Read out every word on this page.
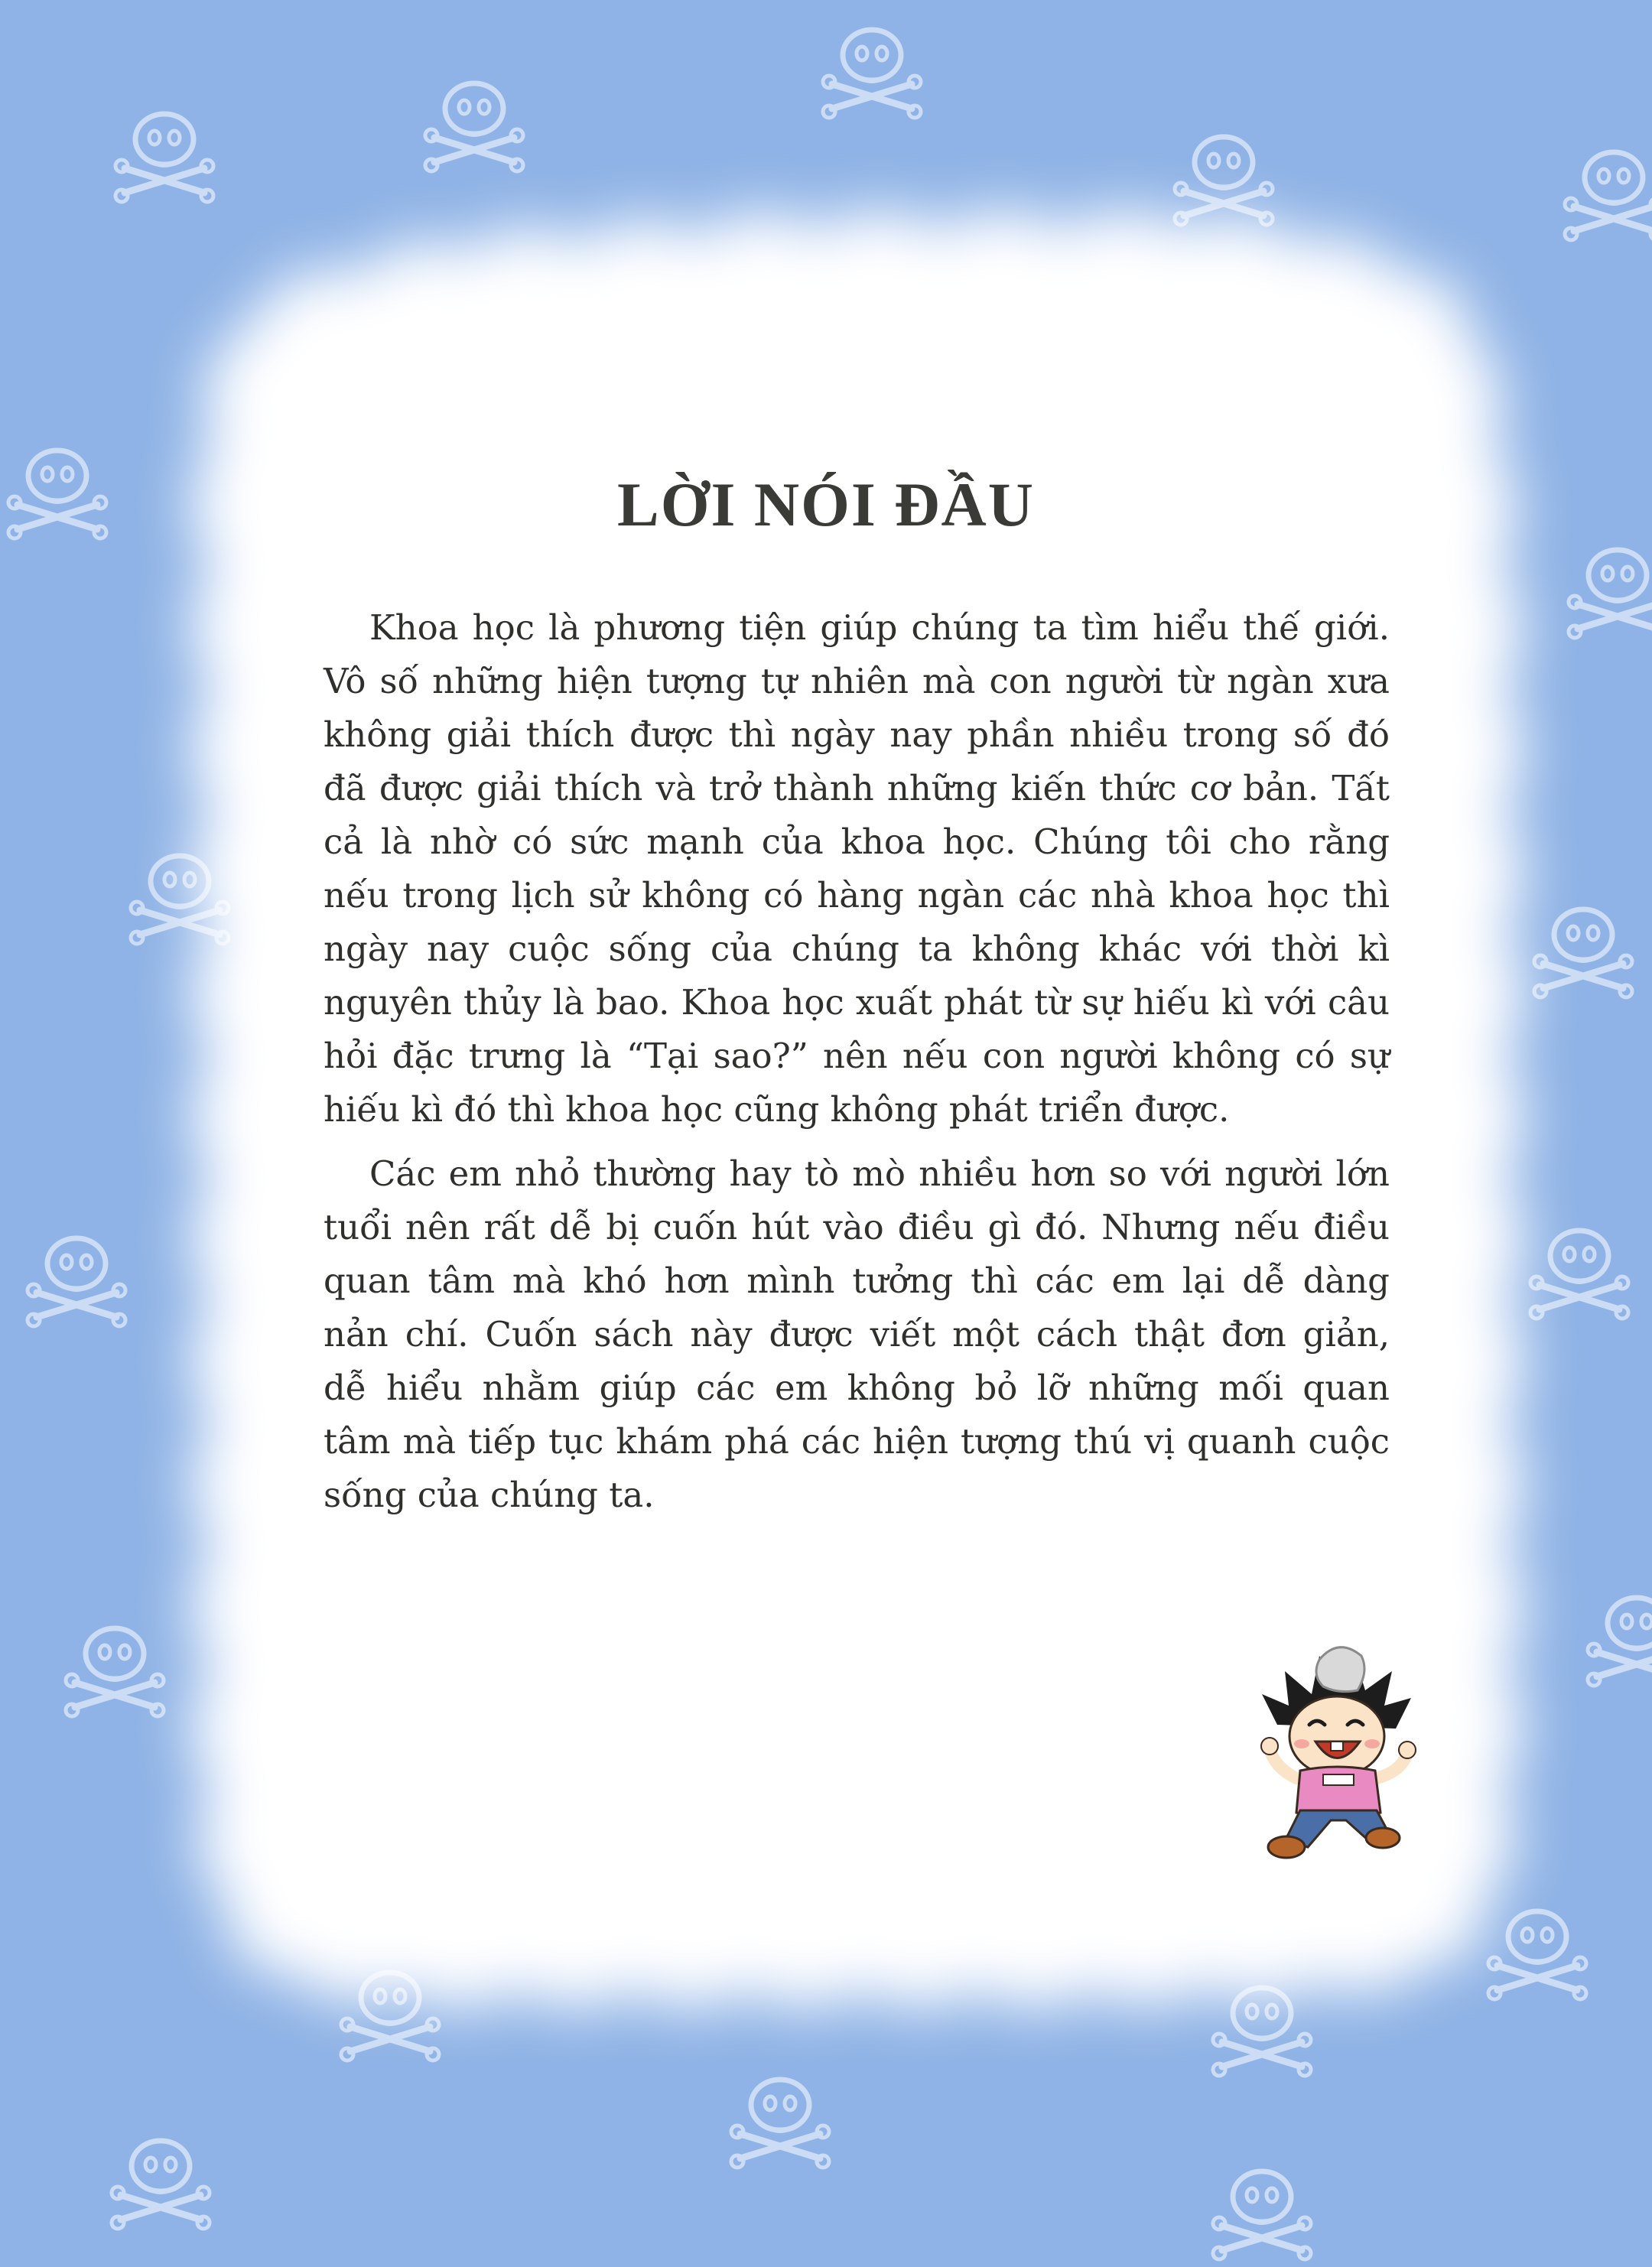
LỜI NÓI ĐẦU
Khoa học là phương tiện giúp chúng ta tìm hiểu thế giới.
Vô số những hiện tượng tự nhiên mà con người từ ngàn xưa
không giải thích được thì ngày nay phần nhiều trong số đó
đã được giải thích và trở thành những kiến thức cơ bản. Tất
cả là nhờ có sức mạnh của khoa học. Chúng tôi cho rằng
nếu trong lịch sử không có hàng ngàn các nhà khoa học thì
ngày nay cuộc sống của chúng ta không khác với thời kì
nguyên thủy là bao. Khoa học xuất phát từ sự hiếu kì với câu
hỏi đặc trưng là “Tại sao?” nên nếu con người không có sự
hiếu kì đó thì khoa học cũng không phát triển được.
Các em nhỏ thường hay tò mò nhiều hơn so với người lớn
tuổi nên rất dễ bị cuốn hút vào điều gì đó. Nhưng nếu điều
quan tâm mà khó hơn mình tưởng thì các em lại dễ dàng
nản chí. Cuốn sách này được viết một cách thật đơn giản,
dễ hiểu nhằm giúp các em không bỏ lỡ những mối quan
tâm mà tiếp tục khám phá các hiện tượng thú vị quanh cuộc
sống của chúng ta.
